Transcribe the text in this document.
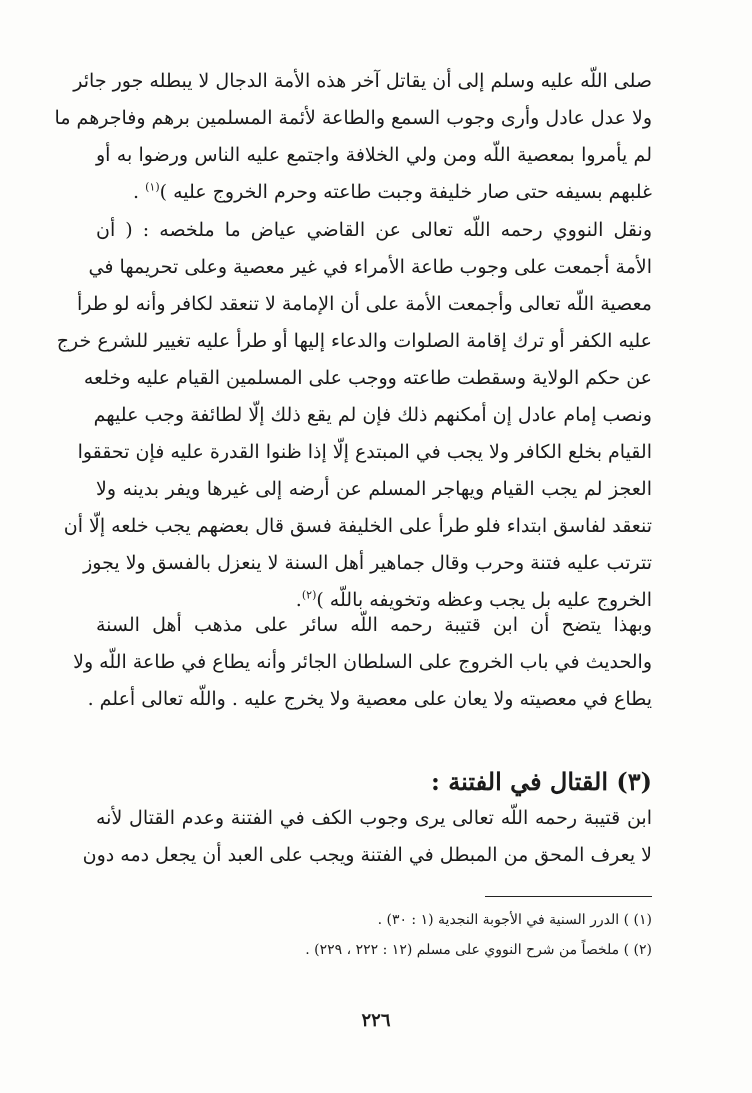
صلى اللّه عليه وسلم إلى أن يقاتل آخر هذه الأمة الدجال لا يبطله جور جائر
ولا عدل عادل وأرى وجوب السمع والطاعة لأئمة المسلمين برهم وفاجرهم ما
لم يأمروا بمعصية اللّه ومن ولي الخلافة واجتمع عليه الناس ورضوا به أو
غلبهم بسيفه حتى صار خليفة وجبت طاعته وحرم الخروج عليه )$^{(١)}$ .

ونقل النووي رحمه اللّه تعالى عن القاضي عياض ما ملخصه : ( أن
الأمة أجمعت على وجوب طاعة الأمراء في غير معصية وعلى تحريمها في
معصية اللّه تعالى وأجمعت الأمة على أن الإمامة لا تنعقد لكافر وأنه لو طرأ
عليه الكفر أو ترك إقامة الصلوات والدعاء إليها أو طرأ عليه تغيير للشرع خرج
عن حكم الولاية وسقطت طاعته ووجب على المسلمين القيام عليه وخلعه
ونصب إمام عادل إن أمكنهم ذلك فإن لم يقع ذلك إلّا لطائفة وجب عليهم
القيام بخلع الكافر ولا يجب في المبتدع إلّا إذا ظنوا القدرة عليه فإن تحققوا
العجز لم يجب القيام ويهاجر المسلم عن أرضه إلى غيرها ويفر بدينه ولا
تنعقد لفاسق ابتداء فلو طرأ على الخليفة فسق قال بعضهم يجب خلعه إلّا أن
تترتب عليه فتنة وحرب وقال جماهير أهل السنة لا ينعزل بالفسق ولا يجوز
الخروج عليه بل يجب وعظه وتخويفه باللّه )$^{(٢)}$.

وبهذا يتضح أن ابن قتيبة رحمه اللّه سائر على مذهب أهل السنة
والحديث في باب الخروج على السلطان الجائر وأنه يطاع في طاعة اللّه ولا
يطاع في معصيته ولا يعان على معصية ولا يخرج عليه . واللّه تعالى أعلم .

(٣) القتال في الفتنة :

ابن قتيبة رحمه اللّه تعالى يرى وجوب الكف في الفتنة وعدم القتال لأنه
لا يعرف المحق من المبطل في الفتنة ويجب على العبد أن يجعل دمه دون

(١) ) الدرر السنية في الأجوبة النجدية (١ : ٣٠) .
(٢) ) ملخصاً من شرح النووي على مسلم (١٢ : ٢٢٢ ، ٢٢٩) .
٢٢٦
